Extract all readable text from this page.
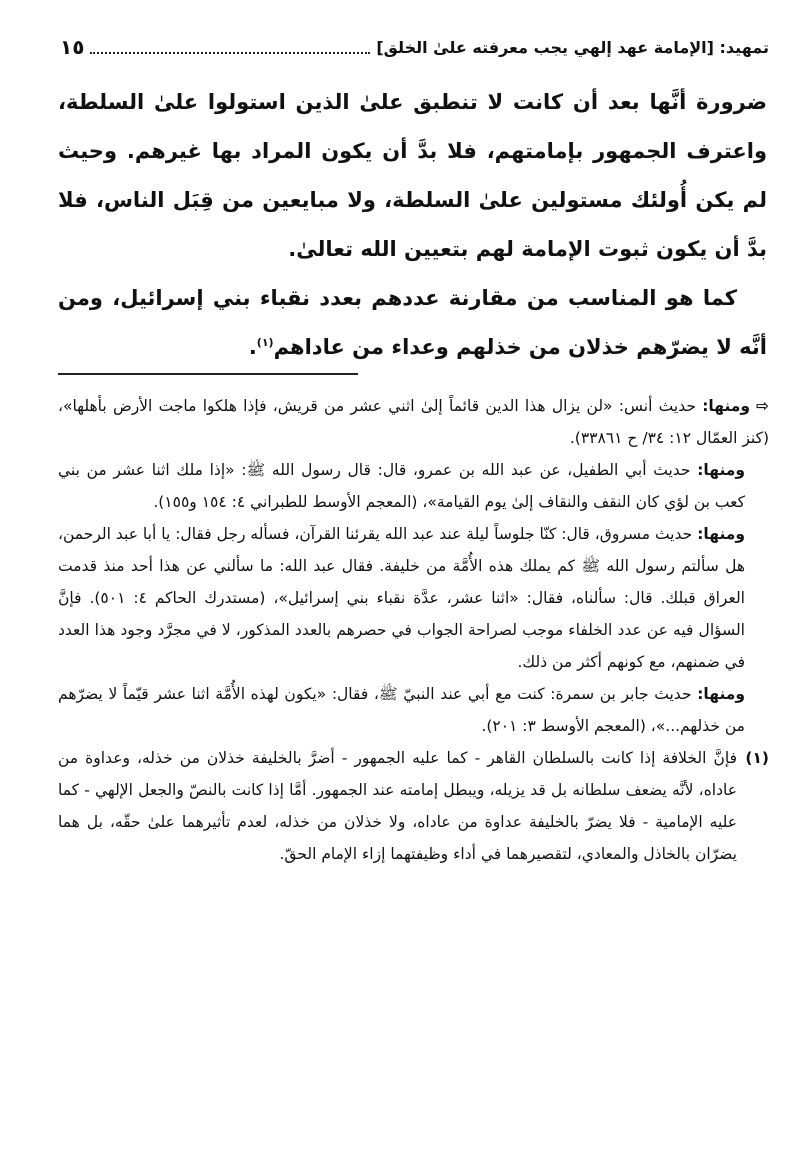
تمهيد: [الإمامة عهد إلهي يجب معرفته علىٰ الخلق]
١٥

ضرورة أنَّها بعد أن كانت لا تنطبق علىٰ الذين استولوا علىٰ السلطة، واعترف الجمهور بإمامتهم، فلا بدَّ أن يكون المراد بها غيرهم. وحيث لم يكن أُولئك مستولين علىٰ السلطة، ولا مبايعين من قِبَل الناس، فلا بدَّ أن يكون ثبوت الإمامة لهم بتعيين الله تعالىٰ.

كما هو المناسب من مقارنة عددهم بعدد نقباء بني إسرائيل، ومن أنَّه لا يضرّهم خذلان من خذلهم وعداء من عاداهم$^{(١)}$.

⇨ومنها: حديث أنس: «لن يزال هذا الدين قائماً إلىٰ اثني عشر من قريش، فإذا هلكوا ماجت الأرض بأهلها»، (كنز العمّال ١٢: ٣٤/ ح ٣٣٨٦١).

ومنها: حديث أبي الطفيل، عن عبد الله بن عمرو، قال: قال رسول الله ﷺ: «إذا ملك اثنا عشر من بني كعب بن لؤي كان النقف والنقاف إلىٰ يوم القيامة»، (المعجم الأوسط للطبراني ٤: ١٥٤ و١٥٥).

ومنها: حديث مسروق، قال: كنّا جلوساً ليلة عند عبد الله يقرئنا القرآن، فسأله رجل فقال: يا أبا عبد الرحمن، هل سألتم رسول الله ﷺ كم يملك هذه الأُمَّة من خليفة. فقال عبد الله: ما سألني عن هذا أحد منذ قدمت العراق قبلك. قال: سألناه، فقال: «اثنا عشر، عدَّة نقباء بني إسرائيل»، (مستدرك الحاكم ٤: ٥٠١). فإنَّ السؤال فيه عن عدد الخلفاء موجب لصراحة الجواب في حصرهم بالعدد المذكور، لا في مجرَّد وجود هذا العدد في ضمنهم، مع كونهم أكثر من ذلك.

ومنها: حديث جابر بن سمرة: كنت مع أبي عند النبيّ ﷺ، فقال: «يكون لهذه الأُمَّة اثنا عشر قيّماً لا يضرّهم من خذلهم...»، (المعجم الأوسط ٣: ٢٠١).

(١)
فإنَّ الخلافة إذا كانت بالسلطان القاهر - كما عليه الجمهور - أضرَّ بالخليفة خذلان من خذله، وعداوة من عاداه، لأنَّه يضعف سلطانه بل قد يزيله، ويبطل إمامته عند الجمهور. أمَّا إذا كانت بالنصّ والجعل الإلهي - كما عليه الإمامية - فلا يضرّ بالخليفة عداوة من عاداه، ولا خذلان من خذله، لعدم تأثيرهما علىٰ حقّه، بل هما يضرّان بالخاذل والمعادي، لتقصيرهما في أداء وظيفتهما إزاء الإمام الحقّ.
